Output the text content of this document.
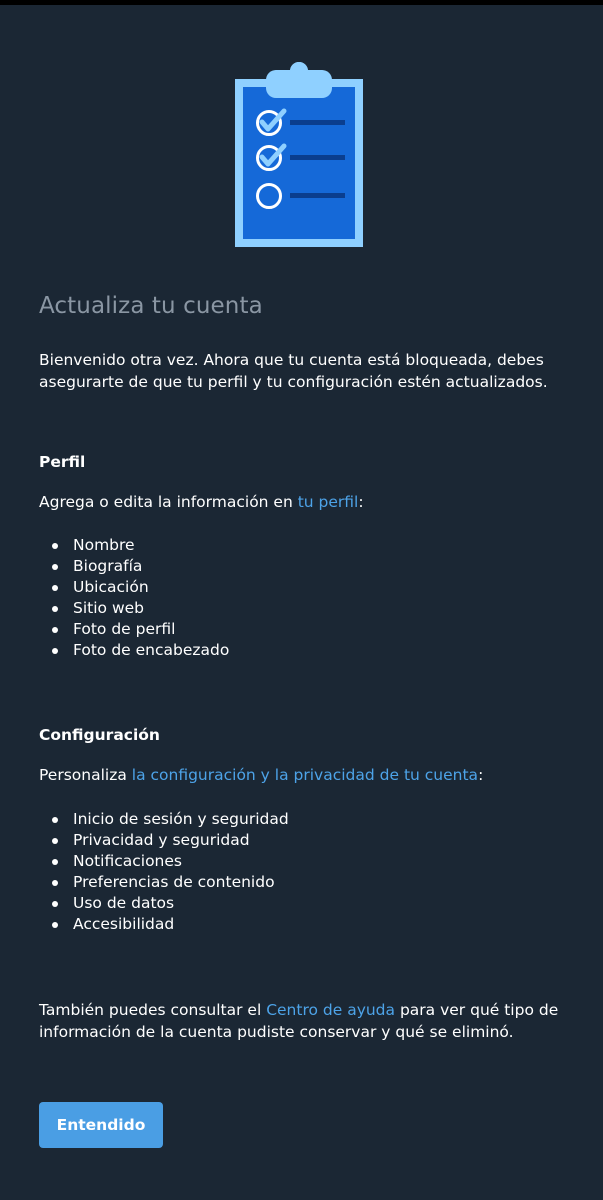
Actualiza tu cuenta

Bienvenido otra vez. Ahora que tu cuenta está bloqueada, debes asegurarte de que tu perfil y tu configuración estén actualizados.

Perfil

Agrega o edita la información en tu perfil:

Nombre
Biografía
Ubicación
Sitio web
Foto de perfil
Foto de encabezado
Configuración

Personaliza la configuración y la privacidad de tu cuenta:

Inicio de sesión y seguridad
Privacidad y seguridad
Notificaciones
Preferencias de contenido
Uso de datos
Accesibilidad

También puedes consultar el Centro de ayuda para ver qué tipo de información de la cuenta pudiste conservar y qué se eliminó.

Entendido
